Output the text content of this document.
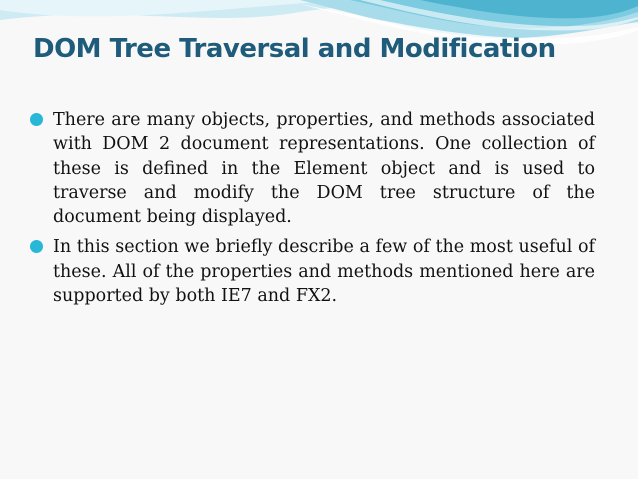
DOM Tree Traversal and Modification

There are many objects, properties, and methods associated with DOM 2 document representations. One collection of these is defined in the Element object and is used to traverse and modify the DOM tree structure of the document being displayed.

In this section we briefly describe a few of the most useful of these. All of the properties and methods mentioned here are supported by both IE7 and FX2.
